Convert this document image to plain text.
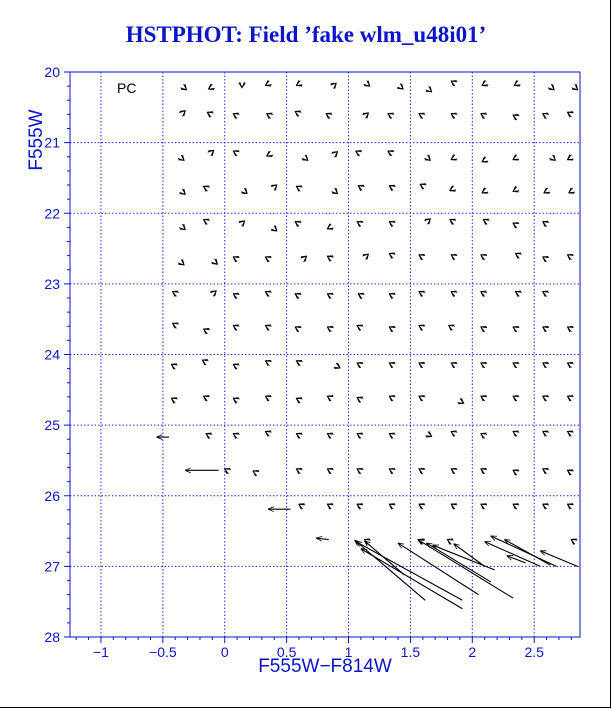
HSTPHOT: Field ’fake wlm_u48i01’
−1	−0.5	0	0.5	1	1.5	2	2.5
20
21
22
23
24
25
26
27
28
F555W−F814W
F555W
PC
